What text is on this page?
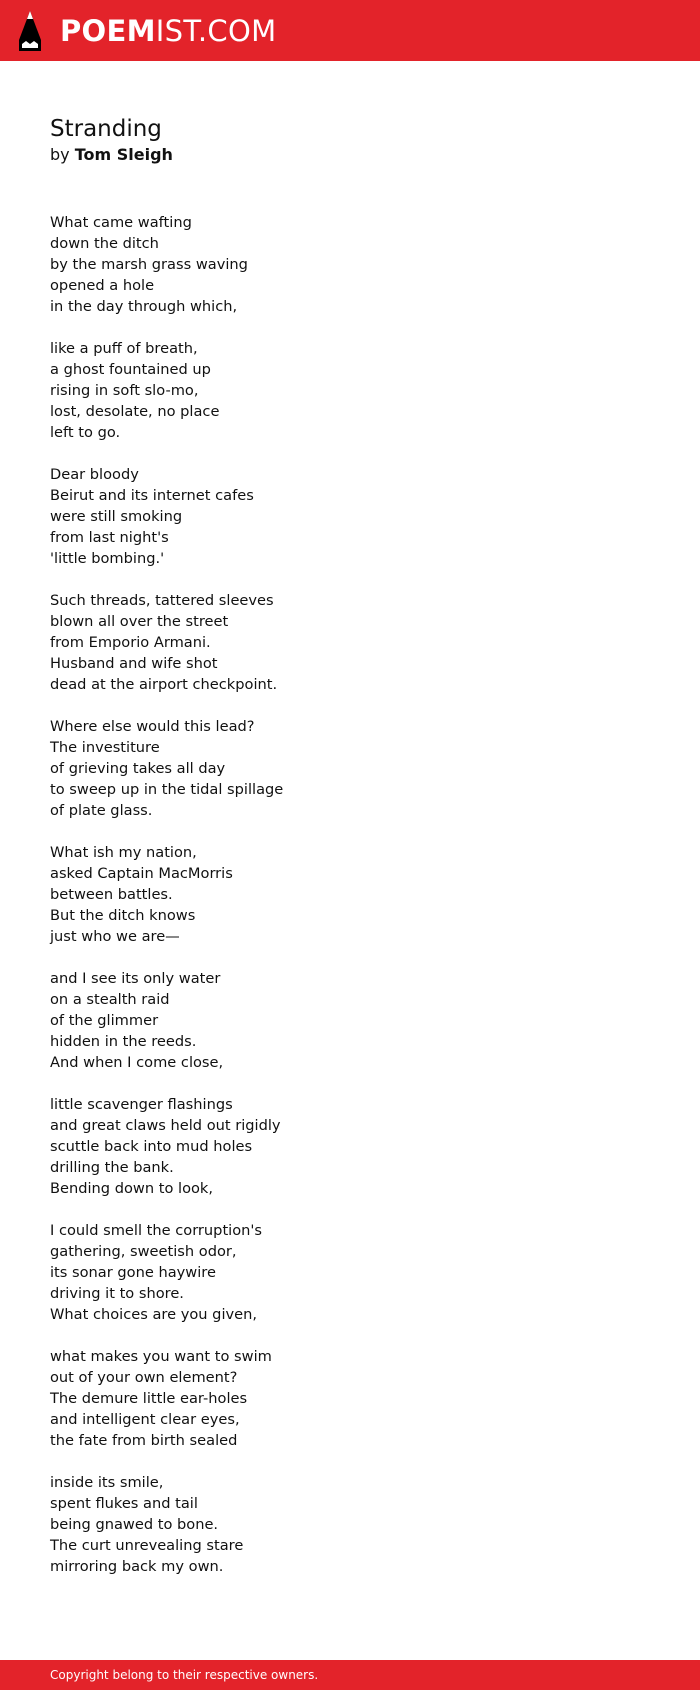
POEMIST.COM
Stranding

by Tom Sleigh

What came wafting
down the ditch
by the marsh grass waving
opened a hole
in the day through which,

like a puff of breath,
a ghost fountained up
rising in soft slo-mo,
lost, desolate, no place
left to go.

Dear bloody
Beirut and its internet cafes
were still smoking
from last night's
'little bombing.'

Such threads, tattered sleeves
blown all over the street
from Emporio Armani.
Husband and wife shot
dead at the airport checkpoint.

Where else would this lead?
The investiture
of grieving takes all day
to sweep up in the tidal spillage
of plate glass.

What ish my nation,
asked Captain MacMorris
between battles.
But the ditch knows
just who we are—

and I see its only water
on a stealth raid
of the glimmer
hidden in the reeds.
And when I come close,

little scavenger flashings
and great claws held out rigidly
scuttle back into mud holes
drilling the bank.
Bending down to look,

I could smell the corruption's
gathering, sweetish odor,
its sonar gone haywire
driving it to shore.
What choices are you given,

what makes you want to swim
out of your own element?
The demure little ear-holes
and intelligent clear eyes,
the fate from birth sealed

inside its smile,
spent flukes and tail
being gnawed to bone.
The curt unrevealing stare
mirroring back my own.

Copyright belong to their respective owners.
